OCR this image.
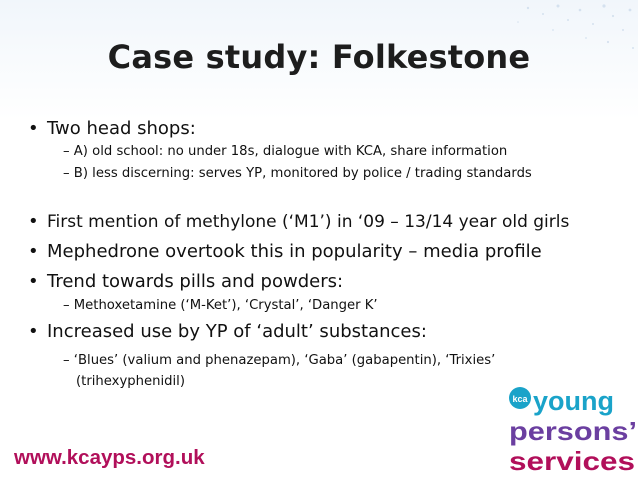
Case study: Folkestone
• Two head shops:
– A) old school: no under 18s, dialogue with KCA, share information
– B) less discerning: serves YP, monitored by police / trading standards
• First mention of methylone (‘M1’) in ‘09 – 13/14 year old girls
• Mephedrone overtook this in popularity – media profile
• Trend towards pills and powders:
– Methoxetamine (‘M-Ket’), ‘Crystal’, ‘Danger K’
• Increased use by YP of ‘adult’ substances:
– ‘Blues’ (valium and phenazepam), ‘Gaba’ (gabapentin), ‘Trixies’
(trihexyphenidil)
www.kcayps.org.uk
kca young
persons’
services
